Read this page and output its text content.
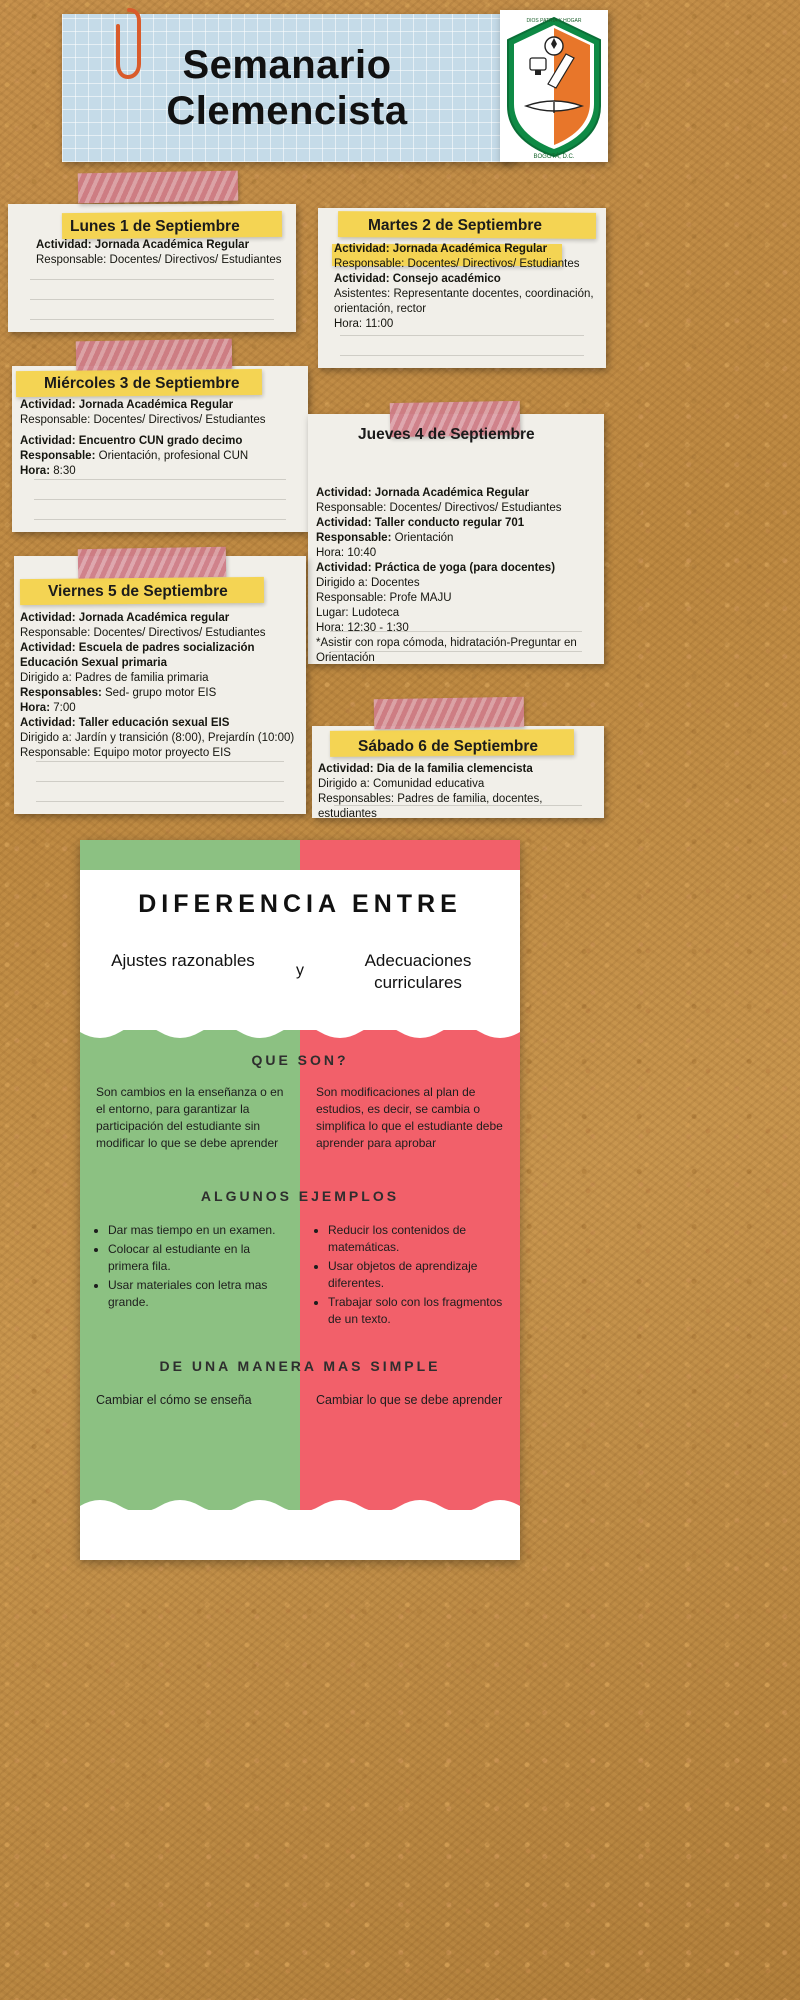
Semanario
Clemencista
DIOS PATRIA Y HOGAR
BOGOTÁ, D.C.
Lunes 1 de Septiembre
Actividad: Jornada Académica Regular
Responsable: Docentes/ Directivos/ Estudiantes
Martes 2 de Septiembre
Actividad: Jornada Académica Regular
Responsable: Docentes/ Directivos/ Estudiantes
Actividad: Consejo académico
Asistentes: Representante docentes, coordinación, orientación, rector
Hora: 11:00
Miércoles 3 de Septiembre
Actividad: Jornada Académica Regular
Responsable: Docentes/ Directivos/ Estudiantes
Actividad: Encuentro CUN grado decimo
Responsable: Orientación, profesional CUN
Hora: 8:30
Jueves 4 de Septiembre
Actividad: Jornada Académica Regular
Responsable: Docentes/ Directivos/ Estudiantes
Actividad: Taller conducto regular 701
Responsable: Orientación
Hora: 10:40
Actividad: Práctica de yoga (para docentes)
Dirigido a: Docentes
Responsable: Profe MAJU
Lugar: Ludoteca
Hora: 12:30 - 1:30
*Asistir con ropa cómoda, hidratación-Preguntar en Orientación
Viernes 5 de Septiembre
Actividad: Jornada Académica regular
Responsable: Docentes/ Directivos/ Estudiantes
Actividad: Escuela de padres socialización Educación Sexual primaria
Dirigido a: Padres de familia primaria
Responsables: Sed- grupo motor EIS
Hora: 7:00
Actividad: Taller educación sexual EIS
Dirigido a: Jardín y transición (8:00), Prejardín (10:00)
Responsable: Equipo motor proyecto EIS	Sábado 6 de Septiembre
Actividad: Dia de la familia clemencista
Dirigido a: Comunidad educativa
Responsables: Padres de familia, docentes, estudiantes
DIFERENCIA ENTRE
Ajustes razonables
y
Adecuaciones curriculares
QUE SON?
Son cambios en la enseñanza o en el entorno, para garantizar la participación del estudiante sin modificar lo que se debe aprender
Son modificaciones al plan de estudios, es decir, se cambia o simplifica lo que el estudiante debe aprender para aprobar
ALGUNOS EJEMPLOS
• Dar mas tiempo en un examen.
• Colocar al estudiante en la primera fila.
• Usar materiales con letra mas grande.
• Reducir los contenidos de matemáticas.
• Usar objetos de aprendizaje diferentes.
• Trabajar solo con los fragmentos de un texto.
DE UNA MANERA MAS SIMPLE
Cambiar el cómo se enseña	Cambiar lo que se debe aprender
